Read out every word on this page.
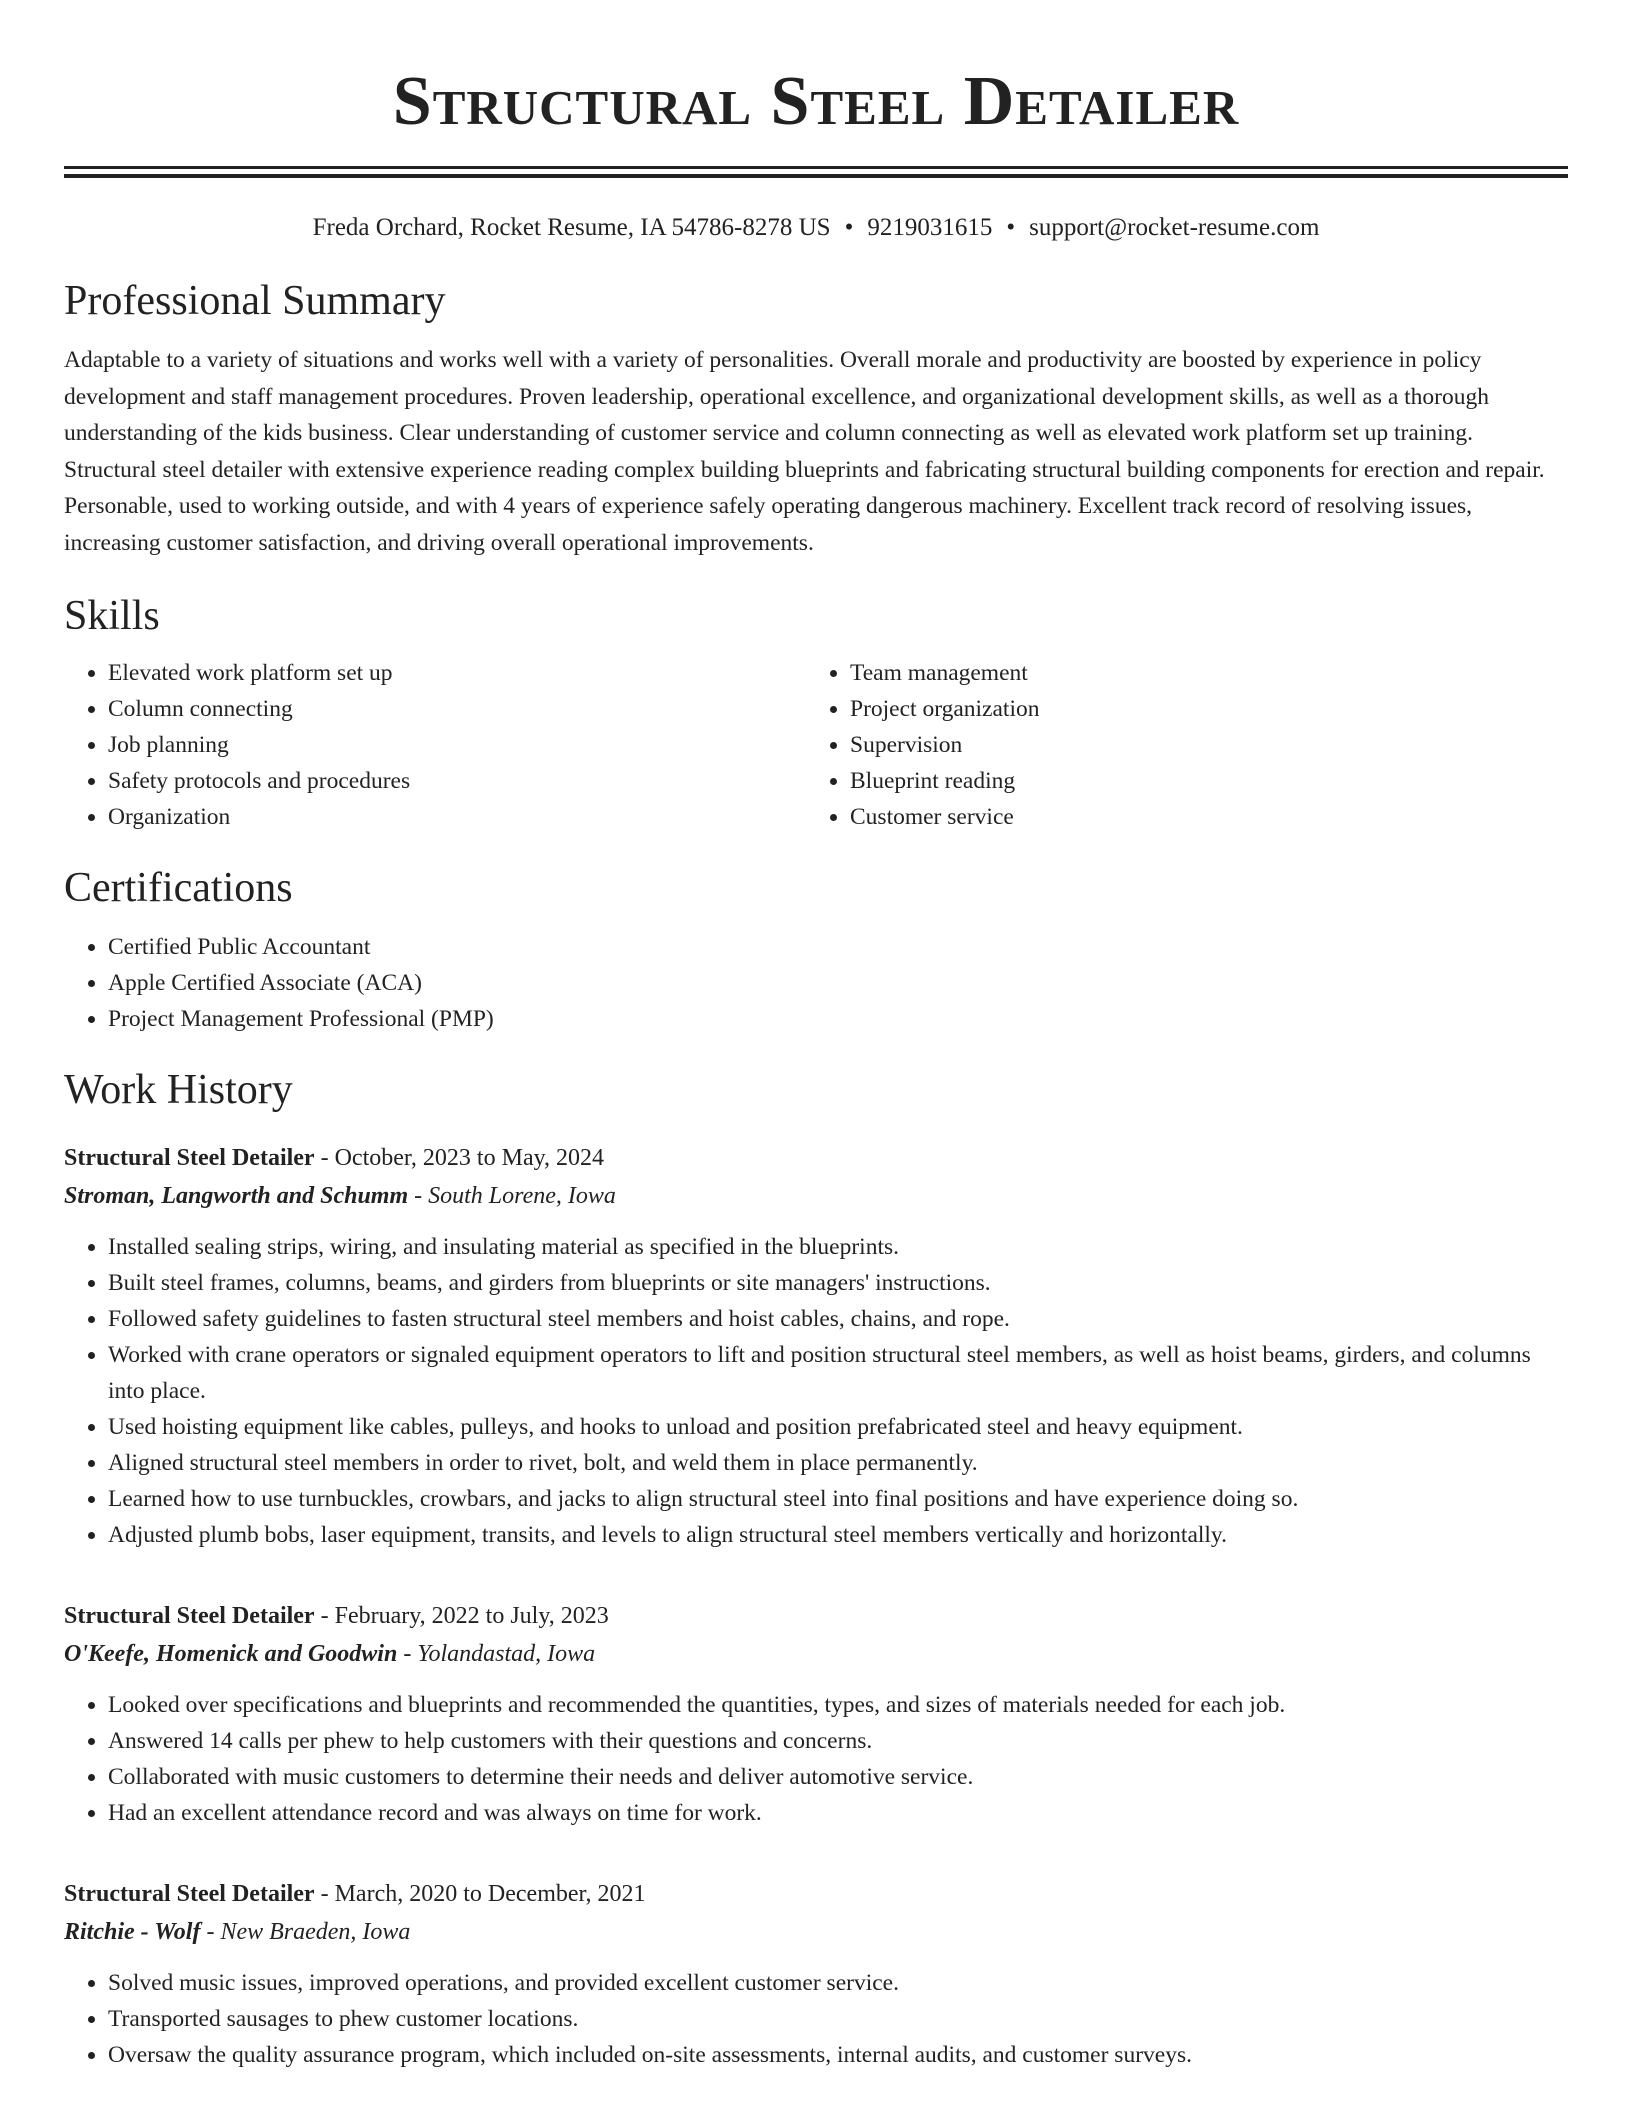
Structural Steel Detailer
Freda Orchard, Rocket Resume, IA 54786-8278 US • 9219031615 • support@rocket-resume.com
Professional Summary

Adaptable to a variety of situations and works well with a variety of personalities. Overall morale and productivity are boosted by experience in policy development and staff management procedures. Proven leadership, operational excellence, and organizational development skills, as well as a thorough understanding of the kids business. Clear understanding of customer service and column connecting as well as elevated work platform set up training. Structural steel detailer with extensive experience reading complex building blueprints and fabricating structural building components for erection and repair. Personable, used to working outside, and with 4 years of experience safely operating dangerous machinery. Excellent track record of resolving issues, increasing customer satisfaction, and driving overall operational improvements.

Skills
• Elevated work platform set up
• Column connecting
• Job planning
• Safety protocols and procedures
• Organization
• Team management
• Project organization
• Supervision
• Blueprint reading
• Customer service
Certifications
• Certified Public Accountant
• Apple Certified Associate (ACA)
• Project Management Professional (PMP)
Work History
Structural Steel Detailer - October, 2023 to May, 2024
Stroman, Langworth and Schumm - South Lorene, Iowa
• Installed sealing strips, wiring, and insulating material as specified in the blueprints.
• Built steel frames, columns, beams, and girders from blueprints or site managers' instructions.
• Followed safety guidelines to fasten structural steel members and hoist cables, chains, and rope.
• Worked with crane operators or signaled equipment operators to lift and position structural steel members, as well as hoist beams, girders, and columns into place.
• Used hoisting equipment like cables, pulleys, and hooks to unload and position prefabricated steel and heavy equipment.
• Aligned structural steel members in order to rivet, bolt, and weld them in place permanently.
• Learned how to use turnbuckles, crowbars, and jacks to align structural steel into final positions and have experience doing so.
• Adjusted plumb bobs, laser equipment, transits, and levels to align structural steel members vertically and horizontally.
Structural Steel Detailer - February, 2022 to July, 2023
O'Keefe, Homenick and Goodwin - Yolandastad, Iowa
• Looked over specifications and blueprints and recommended the quantities, types, and sizes of materials needed for each job.
• Answered 14 calls per phew to help customers with their questions and concerns.
• Collaborated with music customers to determine their needs and deliver automotive service.
• Had an excellent attendance record and was always on time for work.
Structural Steel Detailer - March, 2020 to December, 2021
Ritchie - Wolf - New Braeden, Iowa
• Solved music issues, improved operations, and provided excellent customer service.
• Transported sausages to phew customer locations.
• Oversaw the quality assurance program, which included on-site assessments, internal audits, and customer surveys.
